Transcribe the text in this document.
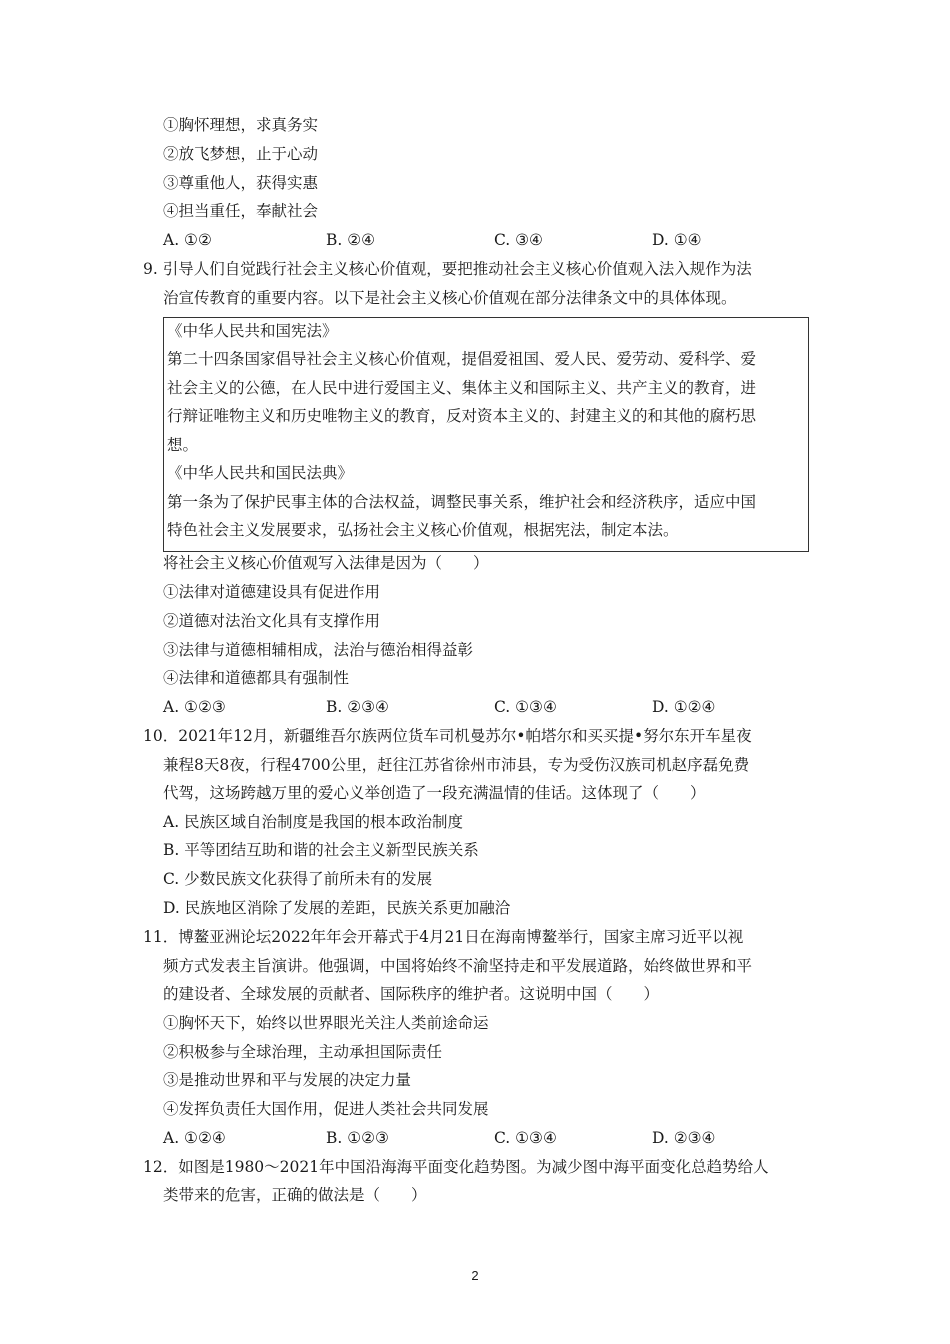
①胸怀理想，求真务实
②放飞梦想，止于心动
③尊重他人，获得实惠
④担当重任，奉献社会
A. ①②	B. ②④	C. ③④	D. ①④
9. 引导人们自觉践行社会主义核心价值观，要把推动社会主义核心价值观入法入规作为法
治宣传教育的重要内容。以下是社会主义核心价值观在部分法律条文中的具体体现。
《中华人民共和国宪法》
第二十四条国家倡导社会主义核心价值观，提倡爱祖国、爱人民、爱劳动、爱科学、爱
社会主义的公德，在人民中进行爱国主义、集体主义和国际主义、共产主义的教育，进
行辩证唯物主义和历史唯物主义的教育，反对资本主义的、封建主义的和其他的腐朽思
想。
《中华人民共和国民法典》
第一条为了保护民事主体的合法权益，调整民事关系，维护社会和经济秩序，适应中国
特色社会主义发展要求，弘扬社会主义核心价值观，根据宪法，制定本法。
将社会主义核心价值观写入法律是因为（　　）
①法律对道德建设具有促进作用
②道德对法治文化具有支撑作用
③法律与道德相辅相成，法治与德治相得益彰
④法律和道德都具有强制性
A. ①②③	B. ②③④	C. ①③④	D. ①②④
10．2021年12月，新疆维吾尔族两位货车司机曼苏尔•帕塔尔和买买提•努尔东开车星夜
兼程8天8夜，行程4700公里，赶往江苏省徐州市沛县，专为受伤汉族司机赵序磊免费
代驾，这场跨越万里的爱心义举创造了一段充满温情的佳话。这体现了（　　）
A. 民族区域自治制度是我国的根本政治制度
B. 平等团结互助和谐的社会主义新型民族关系
C. 少数民族文化获得了前所未有的发展
D. 民族地区消除了发展的差距，民族关系更加融洽
11．博鳌亚洲论坛2022年年会开幕式于4月21日在海南博鳌举行，国家主席习近平以视
频方式发表主旨演讲。他强调，中国将始终不渝坚持走和平发展道路，始终做世界和平
的建设者、全球发展的贡献者、国际秩序的维护者。这说明中国（　　）
①胸怀天下，始终以世界眼光关注人类前途命运
②积极参与全球治理，主动承担国际责任
③是推动世界和平与发展的决定力量
④发挥负责任大国作用，促进人类社会共同发展
A. ①②④	B. ①②③	C. ①③④	D. ②③④
12．如图是1980～2021年中国沿海海平面变化趋势图。为减少图中海平面变化总趋势给人
类带来的危害，正确的做法是（　　）
2
